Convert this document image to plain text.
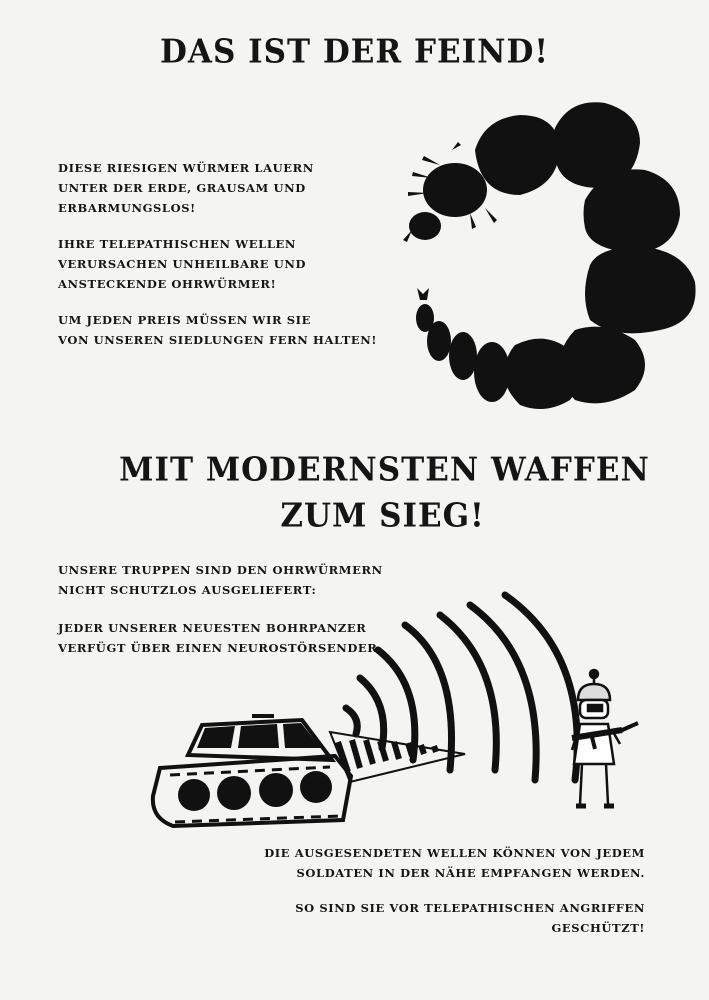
DAS IST DER FEIND!
DIESE RIESIGEN WÜRMER LAUERN
UNTER DER ERDE, GRAUSAM UND
ERBARMUNGSLOS!
IHRE TELEPATHISCHEN WELLEN
VERURSACHEN UNHEILBARE UND
ANSTECKENDE OHRWÜRMER!
UM JEDEN PREIS MÜSSEN WIR SIE
VON UNSEREN SIEDLUNGEN FERN HALTEN!
MIT MODERNSTEN WAFFEN
ZUM SIEG!
UNSERE TRUPPEN SIND DEN OHRWÜRMERN
NICHT SCHUTZLOS AUSGELIEFERT:
JEDER UNSERER NEUESTEN BOHRPANZER
VERFÜGT ÜBER EINEN NEUROSTÖRSENDER.
DIE AUSGESENDETEN WELLEN KÖNNEN VON JEDEM
SOLDATEN IN DER NÄHE EMPFANGEN WERDEN.
SO SIND SIE VOR TELEPATHISCHEN ANGRIFFEN
GESCHÜTZT!
